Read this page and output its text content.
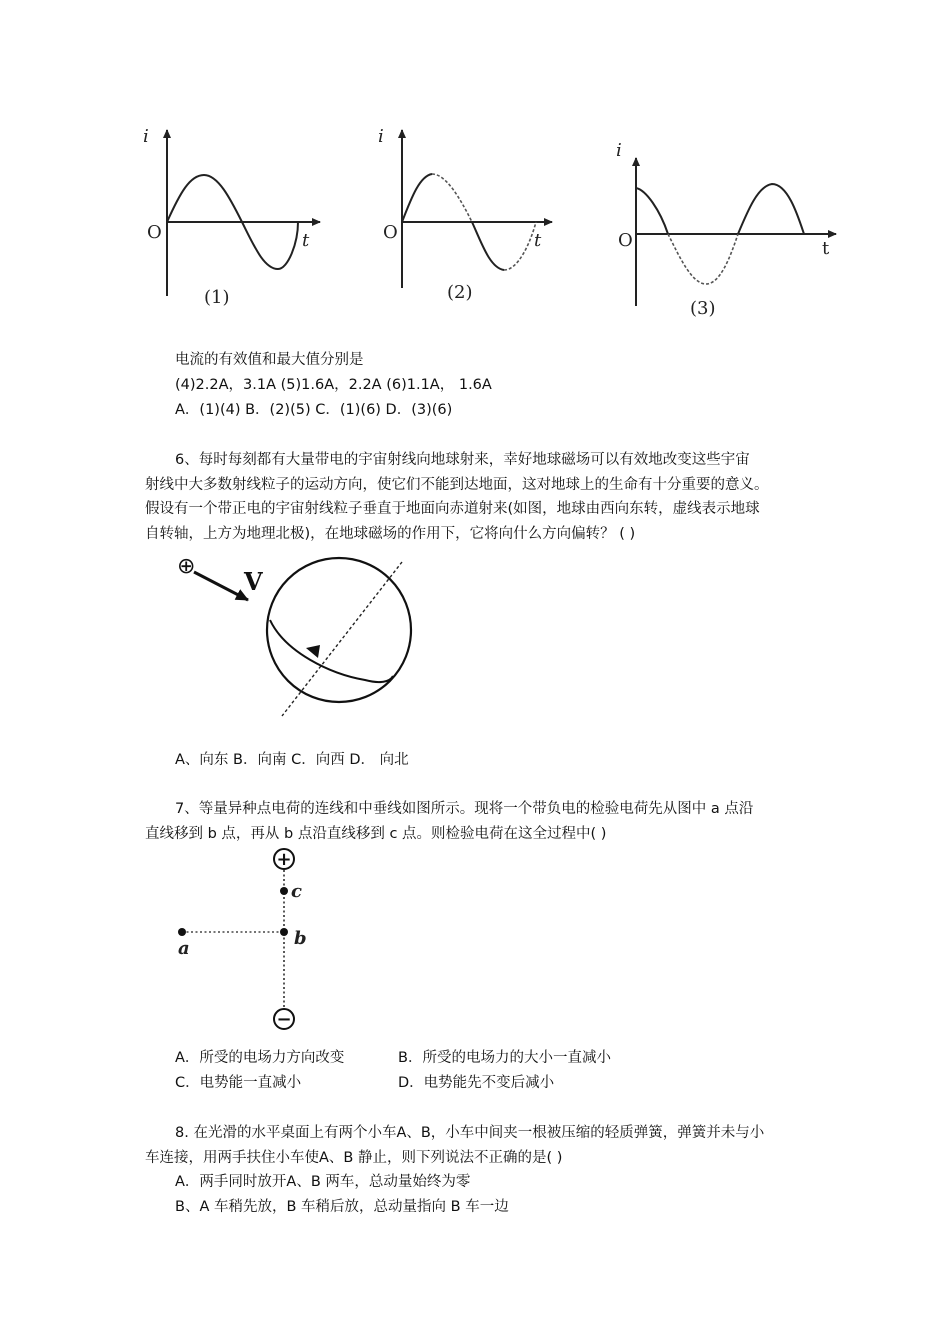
i
O	t
(1)
i
O	t
(2)
i
O	t
(3)
电流的有效值和最大值分别是
(4)2.2A，3.1A (5)1.6A，2.2A (6)1.1A， 1.6A
A．(1)(4) B．(2)(5) C．(1)(6) D．(3)(6)
6、每时每刻都有大量带电的宇宙射线向地球射来，幸好地球磁场可以有效地改变这些宇宙
射线中大多数射线粒子的运动方向，使它们不能到达地面，这对地球上的生命有十分重要的意义。
假设有一个带正电的宇宙射线粒子垂直于地面向赤道射来(如图，地球由西向东转，虚线表示地球
自转轴，上方为地理北极)，在地球磁场的作用下，它将向什么方向偏转？ ( )
⊕
V
A、向东 B．向南 C．向西 D． 向北
7、等量异种点电荷的连线和中垂线如图所示。现将一个带负电的检验电荷先从图中 a 点沿
直线移到 b 点，再从 b 点沿直线移到 c 点。则检验电荷在这全过程中( )
+
−
a	b
c
A．所受的电场力方向改变	B．所受的电场力的大小一直减小
C．电势能一直减小	D．电势能先不变后减小
8. 在光滑的水平桌面上有两个小车A、B，小车中间夹一根被压缩的轻质弹簧，弹簧并未与小
车连接，用两手扶住小车使A、B 静止，则下列说法不正确的是( )
A．两手同时放开A、B 两车，总动量始终为零
B、A 车稍先放，B 车稍后放，总动量指向 B 车一边
